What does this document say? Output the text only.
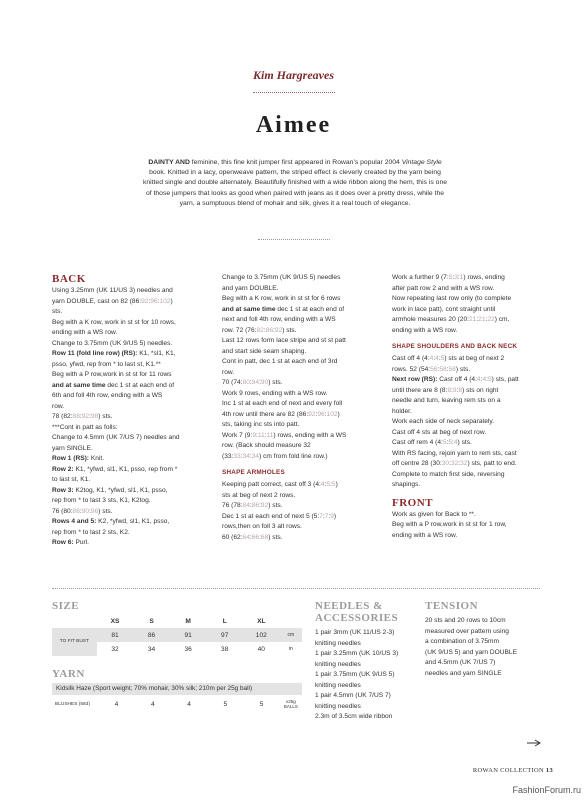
Kim Hargreaves
Aimee
DAINTY AND feminine, this fine knit jumper first appeared in Rowan’s popular 2004 Vintage Style book. Knitted in a lacy, openweave pattern, the striped effect is cleverly created by the yarn being knitted single and double alternately. Beautifully finished with a wide ribbon along the hem, this is one of those jumpers that looks as good when paired with jeans as it does over a pretty dress, while the yarn, a sumptuous blend of mohair and silk, gives it a real touch of elegance.
BACK
Using 3.25mm (UK 11/US 3) needles and
yarn DOUBLE, cast on 82 (86:92:96:102)
sts.
Beg with a K row, work in st st for 10 rows,
ending with a WS row.
Change to 3.75mm (UK 9/US 5) needles.
Row 11 (fold line row) (RS): K1, *sl1, K1,
psso, yfwd, rep from * to last st, K1.**
Beg with a P row,work in st st for 11 rows
and at same time dec 1 st at each end of
6th and foll 4th row, ending with a WS
row.
78 (82:88:92:98) sts.
***Cont in patt as folls:
Change to 4.5mm (UK 7/US 7) needles and
yarn SINGLE.
Row 1 (RS): Knit.
Row 2: K1, *yfwd, sl1, K1, psso, rep from *
to last st, K1.
Row 3: K2tog, K1, *yfwd, sl1, K1, psso,
rep from * to last 3 sts, K1, K2tog.
76 (80:86:90:96) sts.
Rows 4 and 5: K2, *yfwd, sl1, K1, psso,
rep from * to last 2 sts, K2.
Row 6: Purl.
Change to 3.75mm (UK 9/US 5) needles
and yarn DOUBLE.
Beg with a K row, work in st st for 6 rows
and at same time dec 1 st at each end of
next and foll 4th row, ending with a WS
row. 72 (76:82:86:92) sts.
Last 12 rows form lace stripe and st st patt
and start side seam shaping.
Cont in patt, dec 1 st at each end of 3rd
row.
70 (74:80:84:90) sts.
Work 9 rows, ending with a WS row.
Inc 1 st at each end of next and every foll
4th row until there are 82 (86:92:96:102)
sts, taking inc sts into patt.
Work 7 (9:9:11:11) rows, ending with a WS
row. (Back should measure 32
(33:33:34:34) cm from fold line row.)
SHAPE ARMHOLES
Keeping patt correct, cast off 3 (4:4:5:5)
sts at beg of next 2 rows.
76 (78:84:86:92) sts.
Dec 1 st at each end of next 5 (5:7:7:9)
rows,then on foll 3 alt rows.
60 (62:64:66:68) sts.
Work a further 9 (7:5:3:1) rows, ending
after patt row 2 and with a WS row.
Now repeating last row only (to complete
work in lace patt), cont straight until
armhole measures 20 (20:21:21:22) cm,
ending with a WS row.
SHAPE SHOULDERS AND BACK NECK
Cast off 4 (4:4:4:5) sts at beg of next 2
rows. 52 (54:56:58:58) sts.
Next row (RS): Cast off 4 (4:4:4:5) sts, patt
until there are 8 (8:8:9:8) sts on right
needle and turn, leaving rem sts on a
holder.
Work each side of neck separately.
Cast off 4 sts at beg of next row.
Cast off rem 4 (4:5:5:4) sts.
With RS facing, rejoin yarn to rem sts, cast
off centre 28 (30:30:32:32) sts, patt to end.
Complete to match first side, reversing
shapings.
FRONT
Work as given for Back to **.
Beg with a P row,work in st st for 1 row,
ending with a WS row.
SIZE
	XS	S	M	L	XL	
TO FIT BUST	81	86	91	97	102	cm
	32	34	36	38	40	in
YARN
Kidsilk Haze (Sport weight; 70% mohair, 30% silk; 210m per 25g ball)
BLUSHES (583)	4	4	4	5	5	x25g BALLS
NEEDLES &
ACCESSORIES
1 pair 3mm (UK 11/US 2-3)
knitting needles
1 pair 3.25mm (UK 10/US 3)
knitting needles
1 pair 3.75mm (UK 9/US 5)
knitting needles
1 pair 4.5mm (UK 7/US 7)
knitting needles
2.3m of 3.5cm wide ribbon
TENSION
20 sts and 20 rows to 10cm
measured over pattern using
a combination of 3.75mm
(UK 9/US 5) and yarn DOUBLE
and 4.5mm (UK 7/US 7)
needles and yarn SINGLE
ROWAN COLLECTION 13
FashionForum.ru
